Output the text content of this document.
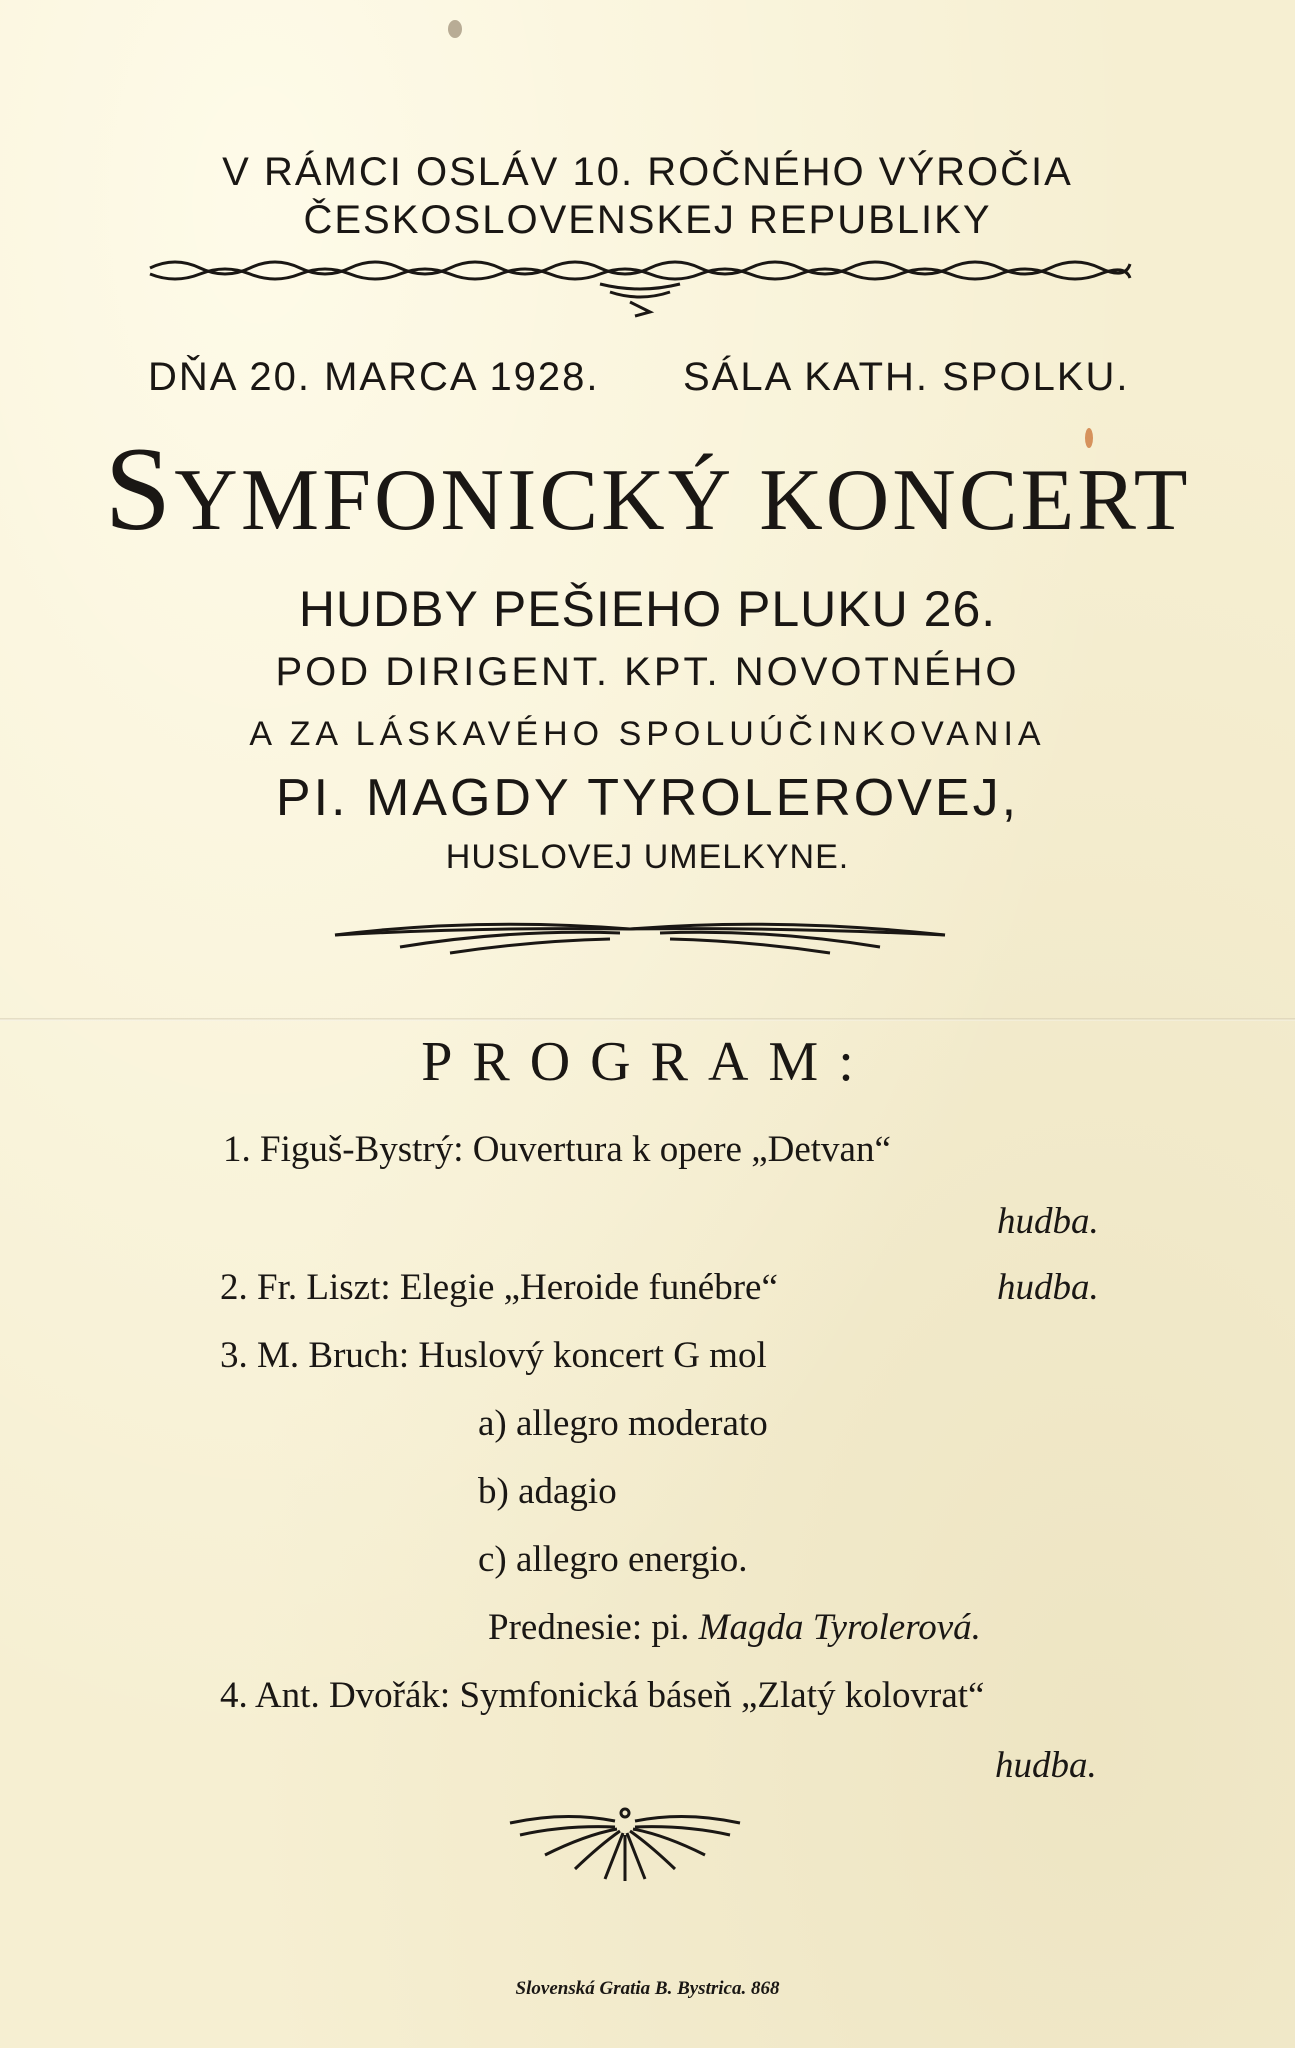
V RÁMCI OSLÁV 10. ROČNÉHO VÝROČIA
ČESKOSLOVENSKEJ REPUBLIKY
DŇA 20. MARCA 1928. SÁLA KATH. SPOLKU.
SYMFONICKÝ KONCERT
HUDBY PEŠIEHO PLUKU 26.
POD DIRIGENT. KPT. NOVOTNÉHO
A ZA LÁSKAVÉHO SPOLUÚČINKOVANIA
PI. MAGDY TYROLEROVEJ,
HUSLOVEJ UMELKYNE.
PROGRAM:
1. Figuš-Bystrý: Ouvertura k opere „Detvan“
hudba.
2. Fr. Liszt: Elegie „Heroide funébre“	hudba.
3. M. Bruch: Huslový koncert G mol
a) allegro moderato
b) adagio
c) allegro energio.
Prednesie: pi. Magda Tyrolerová.
4. Ant. Dvořák: Symfonická báseň „Zlatý kolovrat“
hudba.
Slovenská Gratia B. Bystrica. 868
